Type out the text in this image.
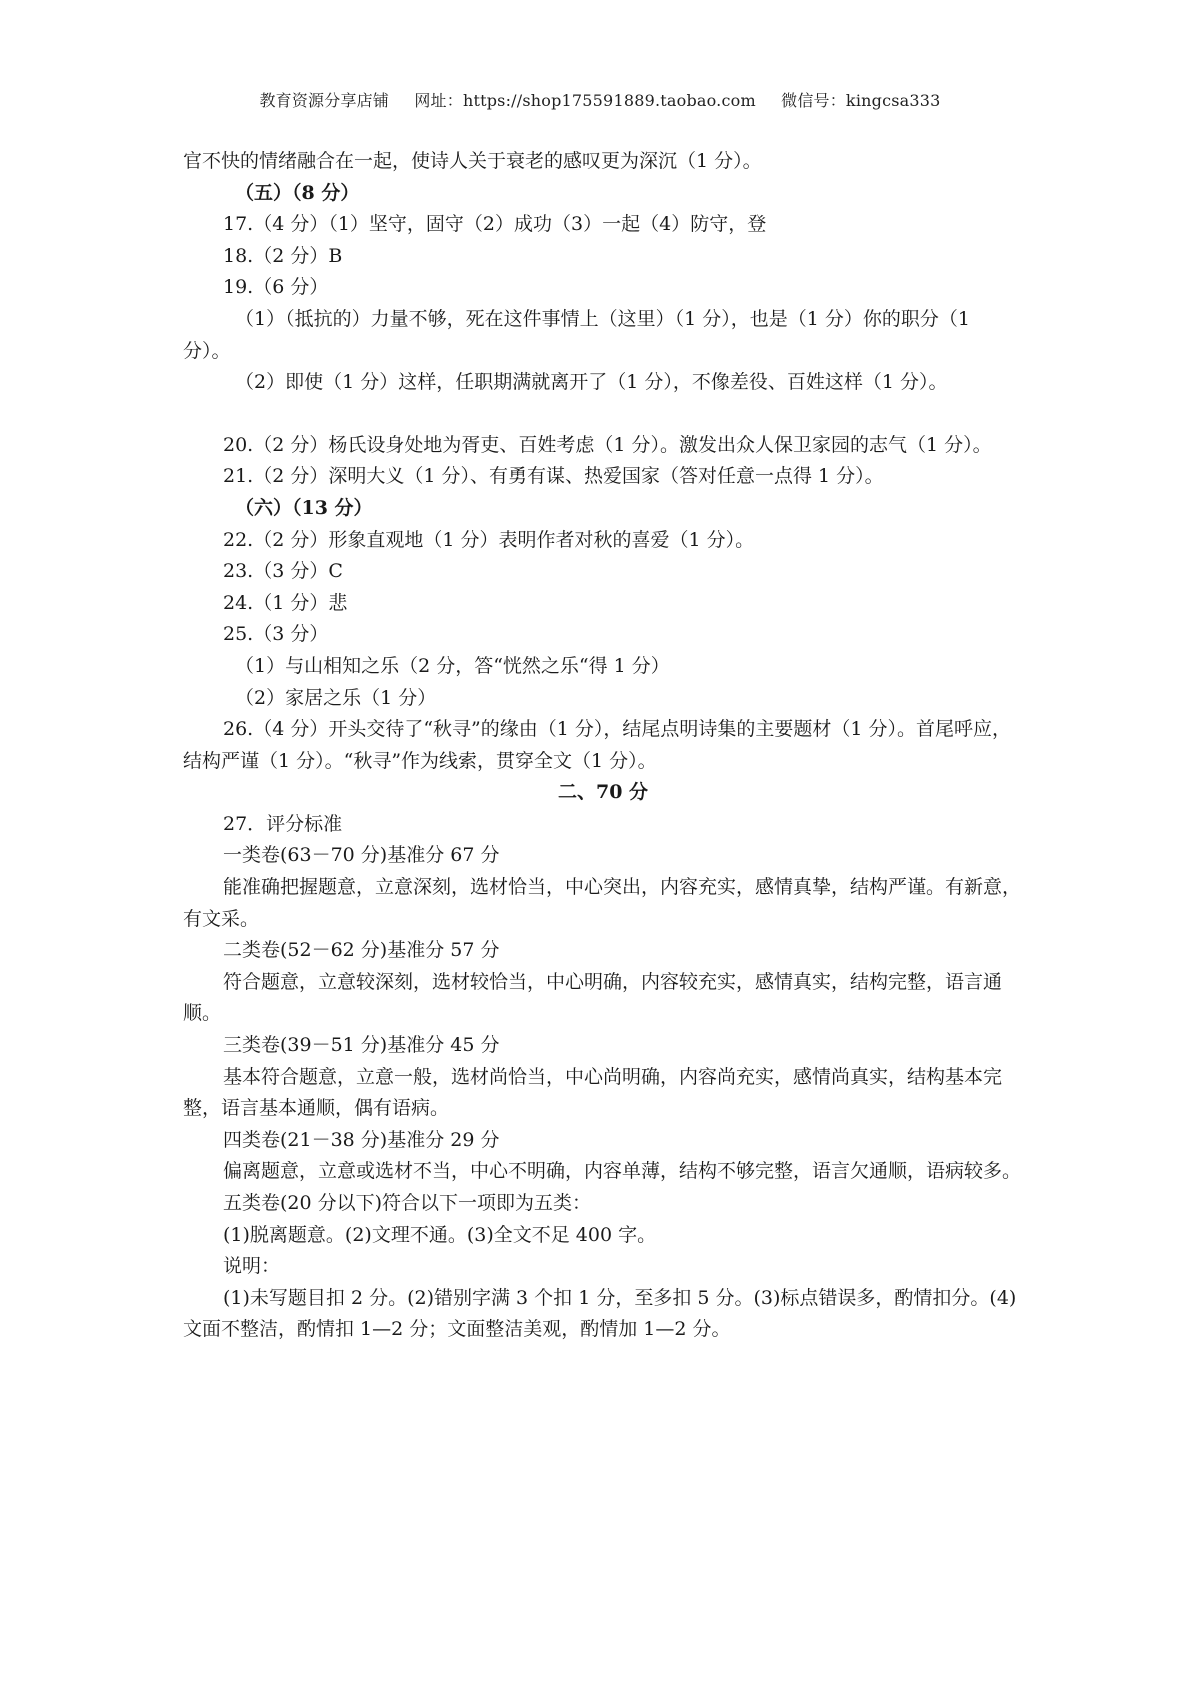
教育资源分享店铺 网址：https://shop175591889.taobao.com 微信号：kingcsa333

官不快的情绪融合在一起，使诗人关于衰老的感叹更为深沉（1 分）。

（五）（8 分）

17.（4 分）（1）坚守，固守（2）成功（3）一起（4）防守，登

18.（2 分）B

19.（6 分）

（1）（抵抗的）力量不够，死在这件事情上（这里）（1 分），也是（1 分）你的职分（1 分）。

（2）即使（1 分）这样，任职期满就离开了（1 分），不像差役、百姓这样（1 分）。

20.（2 分）杨氏设身处地为胥吏、百姓考虑（1 分）。激发出众人保卫家园的志气（1 分）。

21.（2 分）深明大义（1 分）、有勇有谋、热爱国家（答对任意一点得 1 分）。

（六）（13 分）

22.（2 分）形象直观地（1 分）表明作者对秋的喜爱（1 分）。

23.（3 分）C

24.（1 分）悲

25.（3 分）

（1）与山相知之乐（2 分，答“恍然之乐“得 1 分）

（2）家居之乐（1 分）

26.（4 分）开头交待了“秋寻”的缘由（1 分），结尾点明诗集的主要题材（1 分）。首尾呼应，结构严谨（1 分）。“秋寻”作为线索，贯穿全文（1 分）。

二、70 分

27．评分标准

一类卷(63－70 分)基准分 67 分

能准确把握题意，立意深刻，选材恰当，中心突出，内容充实，感情真挚，结构严谨。有新意，有文采。

二类卷(52－62 分)基准分 57 分

符合题意，立意较深刻，选材较恰当，中心明确，内容较充实，感情真实，结构完整，语言通顺。

三类卷(39－51 分)基准分 45 分

基本符合题意，立意一般，选材尚恰当，中心尚明确，内容尚充实，感情尚真实，结构基本完整，语言基本通顺，偶有语病。

四类卷(21－38 分)基准分 29 分

偏离题意，立意或选材不当，中心不明确，内容单薄，结构不够完整，语言欠通顺，语病较多。

五类卷(20 分以下)符合以下一项即为五类：

(1)脱离题意。(2)文理不通。(3)全文不足 400 字。

说明：

(1)未写题目扣 2 分。(2)错别字满 3 个扣 1 分，至多扣 5 分。(3)标点错误多，酌情扣分。(4)文面不整洁，酌情扣 1—2 分；文面整洁美观，酌情加 1—2 分。
